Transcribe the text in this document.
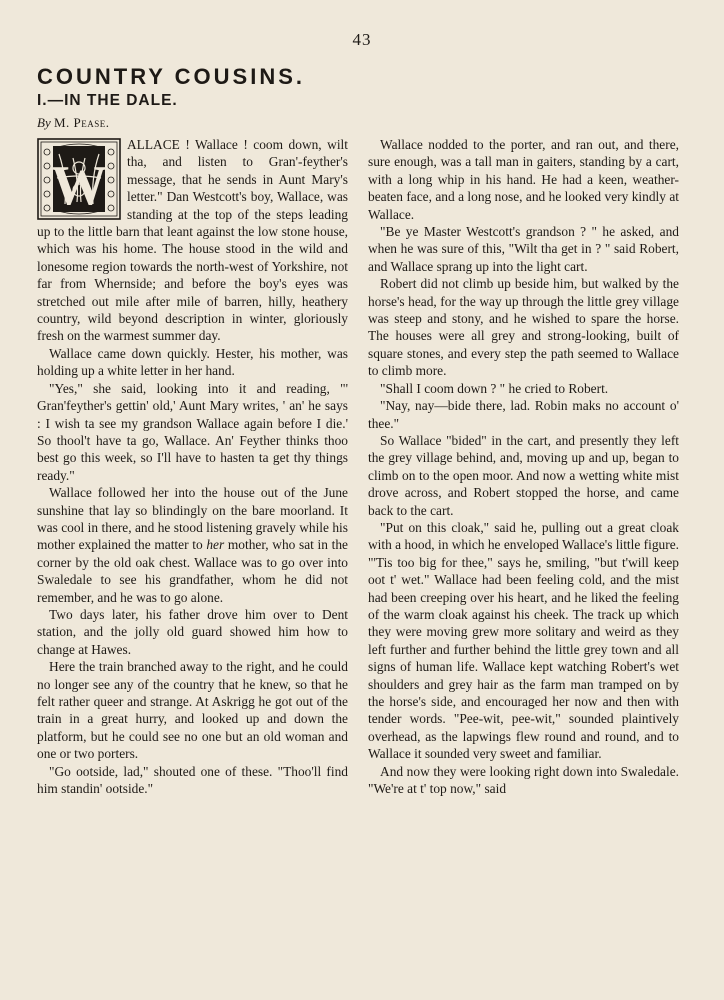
43
COUNTRY COUSINS.
I.—IN THE DALE.
By M. Pease.

W
ALLACE ! Wallace ! coom down, wilt tha, and listen to Gran'-feyther's message, that he sends in Aunt Mary's letter." Dan Westcott's boy, Wallace, was standing at the top of the steps leading up to the little barn that leant against the low stone house, which was his home. The house stood in the wild and lonesome region towards the north-west of Yorkshire, not far from Whernside; and before the boy's eyes was stretched out mile after mile of barren, hilly, heathery country, wild beyond description in winter, gloriously fresh on the warmest summer day.

Wallace came down quickly. Hester, his mother, was holding up a white letter in her hand.

"Yes," she said, looking into it and reading, "' Gran'feyther's gettin' old,' Aunt Mary writes, ' an' he says : I wish ta see my grandson Wallace again before I die.' So thool't have ta go, Wallace. An' Feyther thinks thoo best go this week, so I'll have to hasten ta get thy things ready."

Wallace followed her into the house out of the June sunshine that lay so blindingly on the bare moorland. It was cool in there, and he stood listening gravely while his mother explained the matter to her mother, who sat in the corner by the old oak chest. Wallace was to go over into Swaledale to see his grandfather, whom he did not remember, and he was to go alone.

Two days later, his father drove him over to Dent station, and the jolly old guard showed him how to change at Hawes.

Here the train branched away to the right, and he could no longer see any of the country that he knew, so that he felt rather queer and strange. At Askrigg he got out of the train in a great hurry, and looked up and down the platform, but he could see no one but an old woman and one or two porters.

"Go ootside, lad," shouted one of these. "Thoo'll find him standin' ootside."

Wallace nodded to the porter, and ran out, and there, sure enough, was a tall man in gaiters, standing by a cart, with a long whip in his hand. He had a keen, weather-beaten face, and a long nose, and he looked very kindly at Wallace.

"Be ye Master Westcott's grandson ? " he asked, and when he was sure of this, "Wilt tha get in ? " said Robert, and Wallace sprang up into the light cart.

Robert did not climb up beside him, but walked by the horse's head, for the way up through the little grey village was steep and stony, and he wished to spare the horse. The houses were all grey and strong-looking, built of square stones, and every step the path seemed to Wallace to climb more.

"Shall I coom down ? " he cried to Robert.

"Nay, nay—bide there, lad. Robin maks no account o' thee."

So Wallace "bided" in the cart, and presently they left the grey village behind, and, moving up and up, began to climb on to the open moor. And now a wetting white mist drove across, and Robert stopped the horse, and came back to the cart.

"Put on this cloak," said he, pulling out a great cloak with a hood, in which he enveloped Wallace's little figure. "'Tis too big for thee," says he, smiling, "but t'will keep oot t' wet." Wallace had been feeling cold, and the mist had been creeping over his heart, and he liked the feeling of the warm cloak against his cheek. The track up which they were moving grew more solitary and weird as they left further and further behind the little grey town and all signs of human life. Wallace kept watching Robert's wet shoulders and grey hair as the farm man tramped on by the horse's side, and encouraged her now and then with tender words. "Pee-wit, pee-wit," sounded plaintively overhead, as the lapwings flew round and round, and to Wallace it sounded very sweet and familiar.

And now they were looking right down into Swaledale. "We're at t' top now," said
